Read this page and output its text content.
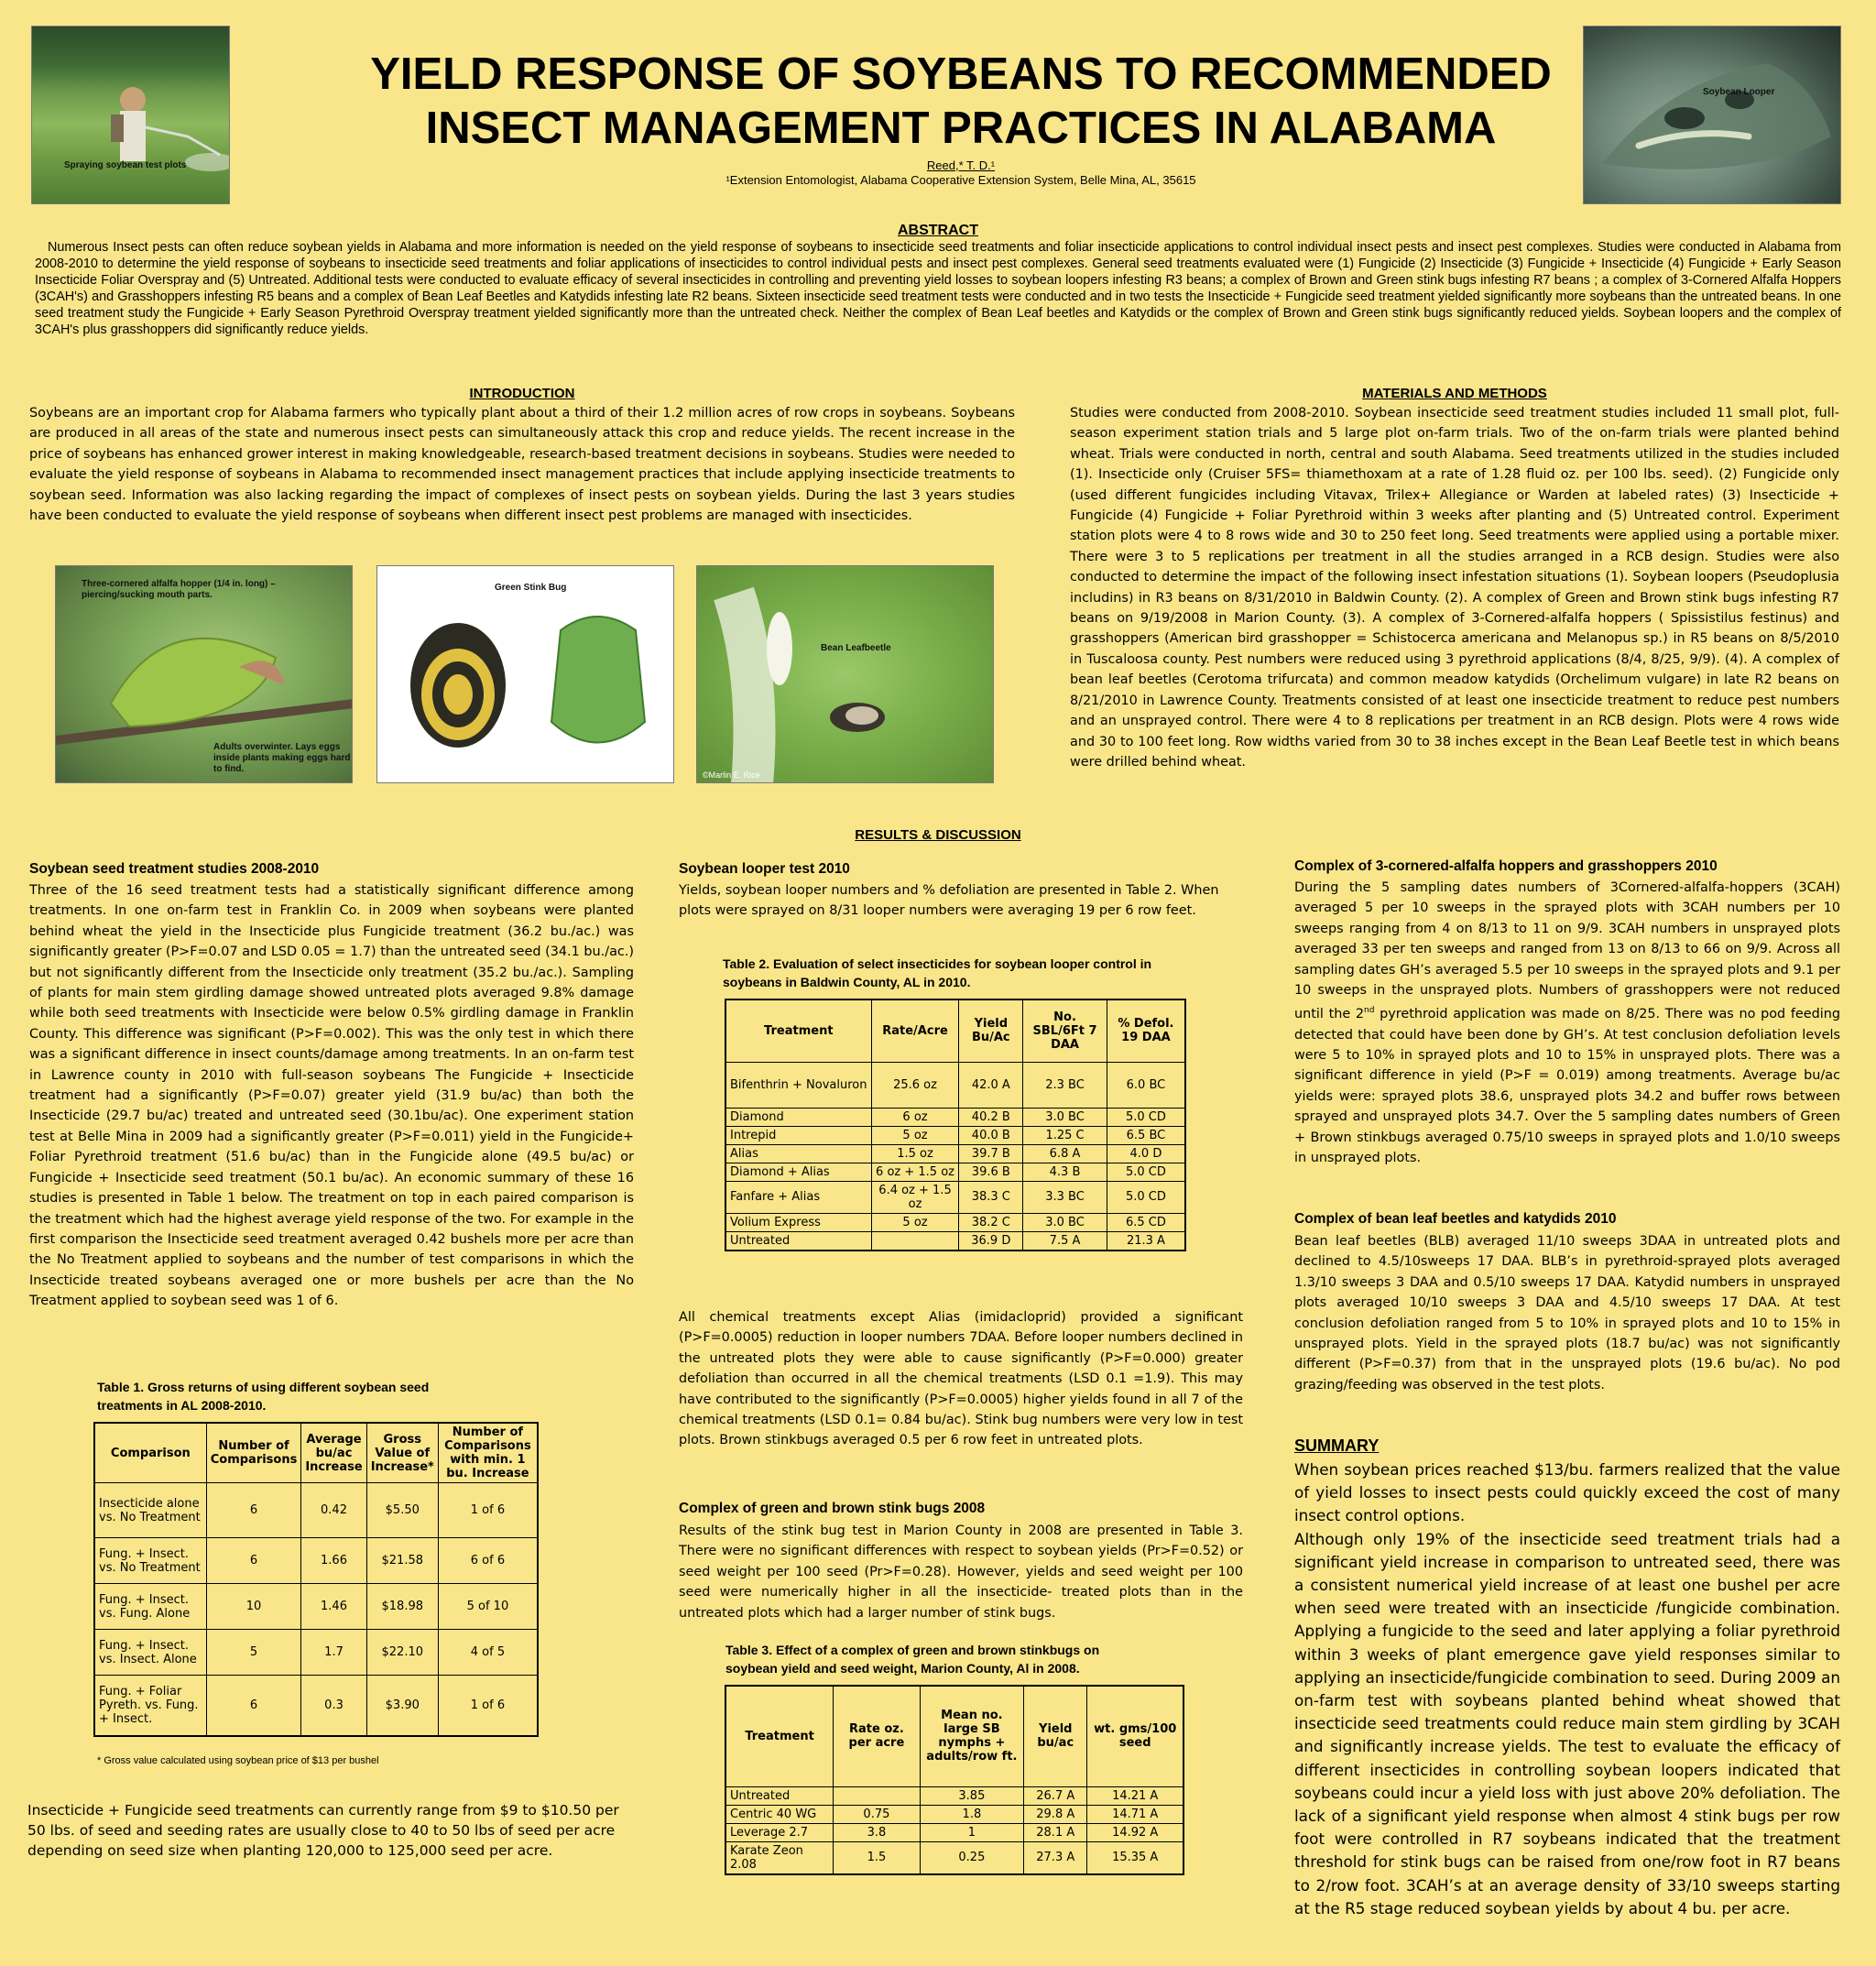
Spraying soybean test plots
Soybean Looper
YIELD RESPONSE OF SOYBEANS TO RECOMMENDED
INSECT MANAGEMENT PRACTICES IN ALABAMA
Reed,* T. D.¹
¹Extension Entomologist, Alabama Cooperative Extension System, Belle Mina, AL, 35615
ABSTRACT
Numerous Insect pests can often reduce soybean yields in Alabama and more information is needed on the yield response of soybeans to insecticide seed treatments and foliar insecticide applications to control individual insect pests and insect pest complexes. Studies were conducted in Alabama from 2008-2010 to determine the yield response of soybeans to insecticide seed treatments and foliar applications of insecticides to control individual pests and insect pest complexes. General seed treatments evaluated were (1) Fungicide (2) Insecticide (3) Fungicide + Insecticide (4) Fungicide + Early Season Insecticide Foliar Overspray and (5) Untreated. Additional tests were conducted to evaluate efficacy of several insecticides in controlling and preventing yield losses to soybean loopers infesting R3 beans; a complex of Brown and Green stink bugs infesting R7 beans ; a complex of 3-Cornered Alfalfa Hoppers (3CAH's) and Grasshoppers infesting R5 beans and a complex of Bean Leaf Beetles and Katydids infesting late R2 beans. Sixteen insecticide seed treatment tests were conducted and in two tests the Insecticide + Fungicide seed treatment yielded significantly more soybeans than the untreated beans. In one seed treatment study the Fungicide + Early Season Pyrethroid Overspray treatment yielded significantly more than the untreated check. Neither the complex of Bean Leaf beetles and Katydids or the complex of Brown and Green stink bugs significantly reduced yields. Soybean loopers and the complex of 3CAH's plus grasshoppers did significantly reduce yields.
INTRODUCTION
Soybeans are an important crop for Alabama farmers who typically plant about a third of their 1.2 million acres of row crops in soybeans. Soybeans are produced in all areas of the state and numerous insect pests can simultaneously attack this crop and reduce yields. The recent increase in the price of soybeans has enhanced grower interest in making knowledgeable, research-based treatment decisions in soybeans. Studies were needed to evaluate the yield response of soybeans in Alabama to recommended insect management practices that include applying insecticide treatments to soybean seed. Information was also lacking regarding the impact of complexes of insect pests on soybean yields. During the last 3 years studies have been conducted to evaluate the yield response of soybeans when different insect pest problems are managed with insecticides.
Three-cornered alfalfa hopper (1/4 in. long) – piercing/sucking mouth parts.
Adults overwinter. Lays eggs inside plants making eggs hard to find.
Green Stink Bug
Bean Leafbeetle
©Marlin E. Rice
MATERIALS AND METHODS
Studies were conducted from 2008-2010. Soybean insecticide seed treatment studies included 11 small plot, full-season experiment station trials and 5 large plot on-farm trials. Two of the on-farm trials were planted behind wheat. Trials were conducted in north, central and south Alabama. Seed treatments utilized in the studies included (1). Insecticide only (Cruiser 5FS= thiamethoxam at a rate of 1.28 fluid oz. per 100 lbs. seed). (2) Fungicide only (used different fungicides including Vitavax, Trilex+ Allegiance or Warden at labeled rates) (3) Insecticide + Fungicide (4) Fungicide + Foliar Pyrethroid within 3 weeks after planting and (5) Untreated control. Experiment station plots were 4 to 8 rows wide and 30 to 250 feet long. Seed treatments were applied using a portable mixer. There were 3 to 5 replications per treatment in all the studies arranged in a RCB design. Studies were also conducted to determine the impact of the following insect infestation situations (1). Soybean loopers (Pseudoplusia includins) in R3 beans on 8/31/2010 in Baldwin County. (2). A complex of Green and Brown stink bugs infesting R7 beans on 9/19/2008 in Marion County. (3). A complex of 3-Cornered-alfalfa hoppers ( Spissistilus festinus) and grasshoppers (American bird grasshopper = Schistocerca americana and Melanopus sp.) in R5 beans on 8/5/2010 in Tuscaloosa county. Pest numbers were reduced using 3 pyrethroid applications (8/4, 8/25, 9/9). (4). A complex of bean leaf beetles (Cerotoma trifurcata) and common meadow katydids (Orchelimum vulgare) in late R2 beans on 8/21/2010 in Lawrence County. Treatments consisted of at least one insecticide treatment to reduce pest numbers and an unsprayed control. There were 4 to 8 replications per treatment in an RCB design. Plots were 4 rows wide and 30 to 100 feet long. Row widths varied from 30 to 38 inches except in the Bean Leaf Beetle test in which beans were drilled behind wheat.
RESULTS & DISCUSSION
Soybean seed treatment studies 2008-2010
Three of the 16 seed treatment tests had a statistically significant difference among treatments. In one on-farm test in Franklin Co. in 2009 when soybeans were planted behind wheat the yield in the Insecticide plus Fungicide treatment (36.2 bu./ac.) was significantly greater (P>F=0.07 and LSD 0.05 = 1.7) than the untreated seed (34.1 bu./ac.) but not significantly different from the Insecticide only treatment (35.2 bu./ac.). Sampling of plants for main stem girdling damage showed untreated plots averaged 9.8% damage while both seed treatments with Insecticide were below 0.5% girdling damage in Franklin County. This difference was significant (P>F=0.002). This was the only test in which there was a significant difference in insect counts/damage among treatments. In an on-farm test in Lawrence county in 2010 with full-season soybeans The Fungicide + Insecticide treatment had a significantly (P>F=0.07) greater yield (31.9 bu/ac) than both the Insecticide (29.7 bu/ac) treated and untreated seed (30.1bu/ac). One experiment station test at Belle Mina in 2009 had a significantly greater (P>F=0.011) yield in the Fungicide+ Foliar Pyrethroid treatment (51.6 bu/ac) than in the Fungicide alone (49.5 bu/ac) or Fungicide + Insecticide seed treatment (50.1 bu/ac). An economic summary of these 16 studies is presented in Table 1 below. The treatment on top in each paired comparison is the treatment which had the highest average yield response of the two. For example in the first comparison the Insecticide seed treatment averaged 0.42 bushels more per acre than the No Treatment applied to soybeans and the number of test comparisons in which the Insecticide treated soybeans averaged one or more bushels per acre than the No Treatment applied to soybean seed was 1 of 6.
Table 1. Gross returns of using different soybean seed
treatments in AL 2008-2010.
Comparison	Number of Comparisons	Average bu/ac Increase	Gross Value of Increase*	Number of Comparisons with min. 1 bu. Increase
Insecticide alone vs. No Treatment	6	0.42	$5.50	1 of 6
Fung. + Insect. vs. No Treatment	6	1.66	$21.58	6 of 6
Fung. + Insect. vs. Fung. Alone	10	1.46	$18.98	5 of 10
Fung. + Insect. vs. Insect. Alone	5	1.7	$22.10	4 of 5
Fung. + Foliar Pyreth. vs. Fung. + Insect.	6	0.3	$3.90	1 of 6
* Gross value calculated using soybean price of $13 per bushel
Insecticide + Fungicide seed treatments can currently range from $9 to $10.50 per 50 lbs. of seed and seeding rates are usually close to 40 to 50 lbs of seed per acre depending on seed size when planting 120,000 to 125,000 seed per acre.
Soybean looper test 2010
Yields, soybean looper numbers and % defoliation are presented in Table 2. When plots were sprayed on 8/31 looper numbers were averaging 19 per 6 row feet.
Table 2. Evaluation of select insecticides for soybean looper control in
soybeans in Baldwin County, AL in 2010.
Treatment	Rate/Acre	Yield Bu/Ac	No. SBL/6Ft 7 DAA	% Defol. 19 DAA
Bifenthrin + Novaluron	25.6 oz	42.0 A	2.3 BC	6.0 BC
Diamond	6 oz	40.2 B	3.0 BC	5.0 CD
Intrepid	5 oz	40.0 B	1.25 C	6.5 BC
Alias	1.5 oz	39.7 B	6.8 A	4.0 D
Diamond + Alias	6 oz + 1.5 oz	39.6 B	4.3 B	5.0 CD
Fanfare + Alias	6.4 oz + 1.5 oz	38.3 C	3.3 BC	5.0 CD
Volium Express	5 oz	38.2 C	3.0 BC	6.5 CD
Untreated		36.9 D	7.5 A	21.3 A
All chemical treatments except Alias (imidacloprid) provided a significant (P>F=0.0005) reduction in looper numbers 7DAA. Before looper numbers declined in the untreated plots they were able to cause significantly (P>F=0.000) greater defoliation than occurred in all the chemical treatments (LSD 0.1 =1.9). This may have contributed to the significantly (P>F=0.0005) higher yields found in all 7 of the chemical treatments (LSD 0.1= 0.84 bu/ac). Stink bug numbers were very low in test plots. Brown stinkbugs averaged 0.5 per 6 row feet in untreated plots.
Complex of green and brown stink bugs 2008
Results of the stink bug test in Marion County in 2008 are presented in Table 3. There were no significant differences with respect to soybean yields (Pr>F=0.52) or seed weight per 100 seed (Pr>F=0.28). However, yields and seed weight per 100 seed were numerically higher in all the insecticide- treated plots than in the untreated plots which had a larger number of stink bugs.
Table 3. Effect of a complex of green and brown stinkbugs on
soybean yield and seed weight, Marion County, Al in 2008.
Treatment	Rate oz. per acre	Mean no. large SB nymphs + adults/row ft.	Yield bu/ac	wt. gms/100 seed
Untreated		3.85	26.7 A	14.21 A
Centric 40 WG	0.75	1.8	29.8 A	14.71 A
Leverage 2.7	3.8	1	28.1 A	14.92 A
Karate Zeon 2.08	1.5	0.25	27.3 A	15.35 A
Complex of 3-cornered-alfalfa hoppers and grasshoppers 2010
During the 5 sampling dates numbers of 3Cornered-alfalfa-hoppers (3CAH) averaged 5 per 10 sweeps in the sprayed plots with 3CAH numbers per 10 sweeps ranging from 4 on 8/13 to 11 on 9/9. 3CAH numbers in unsprayed plots averaged 33 per ten sweeps and ranged from 13 on 8/13 to 66 on 9/9. Across all sampling dates GH’s averaged 5.5 per 10 sweeps in the sprayed plots and 9.1 per 10 sweeps in the unsprayed plots. Numbers of grasshoppers were not reduced until the 2nd pyrethroid application was made on 8/25. There was no pod feeding detected that could have been done by GH’s. At test conclusion defoliation levels were 5 to 10% in sprayed plots and 10 to 15% in unsprayed plots. There was a significant difference in yield (P>F = 0.019) among treatments. Average bu/ac yields were: sprayed plots 38.6, unsprayed plots 34.2 and buffer rows between sprayed and unsprayed plots 34.7. Over the 5 sampling dates numbers of Green + Brown stinkbugs averaged 0.75/10 sweeps in sprayed plots and 1.0/10 sweeps in unsprayed plots.
Complex of bean leaf beetles and katydids 2010
Bean leaf beetles (BLB) averaged 11/10 sweeps 3DAA in untreated plots and declined to 4.5/10sweeps 17 DAA. BLB’s in pyrethroid-sprayed plots averaged 1.3/10 sweeps 3 DAA and 0.5/10 sweeps 17 DAA. Katydid numbers in unsprayed plots averaged 10/10 sweeps 3 DAA and 4.5/10 sweeps 17 DAA. At test conclusion defoliation ranged from 5 to 10% in sprayed plots and 10 to 15% in unsprayed plots. Yield in the sprayed plots (18.7 bu/ac) was not significantly different (P>F=0.37) from that in the unsprayed plots (19.6 bu/ac). No pod grazing/feeding was observed in the test plots.
SUMMARY

When soybean prices reached $13/bu. farmers realized that the value of yield losses to insect pests could quickly exceed the cost of many insect control options.

Although only 19% of the insecticide seed treatment trials had a significant yield increase in comparison to untreated seed, there was a consistent numerical yield increase of at least one bushel per acre when seed were treated with an insecticide /fungicide combination. Applying a fungicide to the seed and later applying a foliar pyrethroid within 3 weeks of plant emergence gave yield responses similar to applying an insecticide/fungicide combination to seed. During 2009 an on-farm test with soybeans planted behind wheat showed that insecticide seed treatments could reduce main stem girdling by 3CAH and significantly increase yields. The test to evaluate the efficacy of different insecticides in controlling soybean loopers indicated that soybeans could incur a yield loss with just above 20% defoliation. The lack of a significant yield response when almost 4 stink bugs per row foot were controlled in R7 soybeans indicated that the treatment threshold for stink bugs can be raised from one/row foot in R7 beans to 2/row foot. 3CAH’s at an average density of 33/10 sweeps starting at the R5 stage reduced soybean yields by about 4 bu. per acre.
